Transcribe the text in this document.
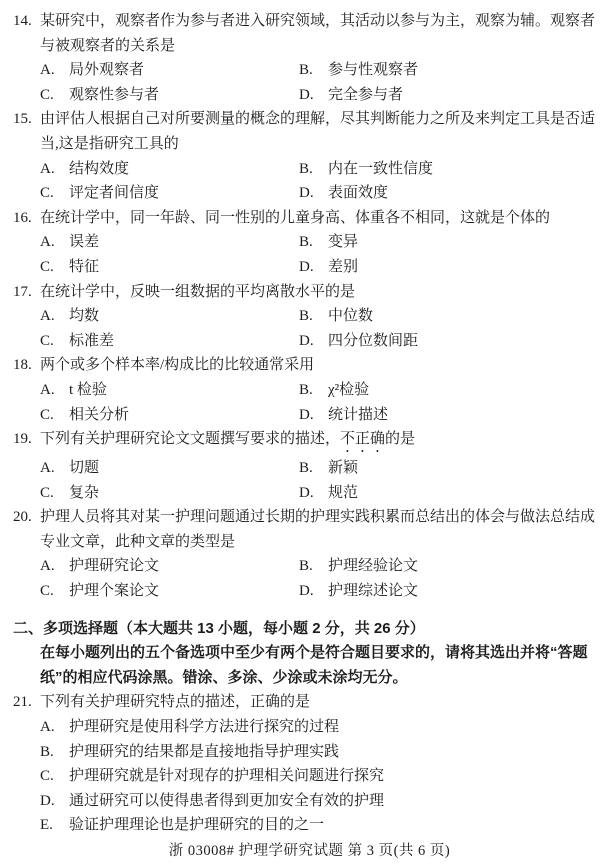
14. 某研究中，观察者作为参与者进入研究领域，其活动以参与为主，观察为辅。观察者
与被观察者的关系是
A. 局外观察者	B. 参与性观察者
C. 观察性参与者	D. 完全参与者
15. 由评估人根据自己对所要测量的概念的理解，尽其判断能力之所及来判定工具是否适
当,这是指研究工具的
A. 结构效度	B. 内在一致性信度
C. 评定者间信度	D. 表面效度
16. 在统计学中，同一年龄、同一性别的儿童身高、体重各不相同，这就是个体的
A. 误差	B. 变异
C. 特征	D. 差别
17. 在统计学中，反映一组数据的平均离散水平的是
A. 均数	B. 中位数
C. 标准差	D. 四分位数间距
18. 两个或多个样本率/构成比的比较通常采用
A. t 检验	B. χ²检验
C. 相关分析	D. 统计描述
19. 下列有关护理研究论文文题撰写要求的描述，不正确的是
A. 切题	B. 新颖
C. 复杂	D. 规范
20. 护理人员将其对某一护理问题通过长期的护理实践积累而总结出的体会与做法总结成
专业文章，此种文章的类型是
A. 护理研究论文	B. 护理经验论文
C. 护理个案论文	D. 护理综述论文
二、多项选择题（本大题共 13 小题，每小题 2 分，共 26 分）
在每小题列出的五个备选项中至少有两个是符合题目要求的，请将其选出并将“答题
纸”的相应代码涂黑。错涂、多涂、少涂或未涂均无分。
21. 下列有关护理研究特点的描述，正确的是
A. 护理研究是使用科学方法进行探究的过程
B. 护理研究的结果都是直接地指导护理实践
C. 护理研究就是针对现存的护理相关问题进行探究
D. 通过研究可以使得患者得到更加安全有效的护理
E. 验证护理理论也是护理研究的目的之一
浙 03008# 护理学研究试题 第 3 页(共 6 页)
